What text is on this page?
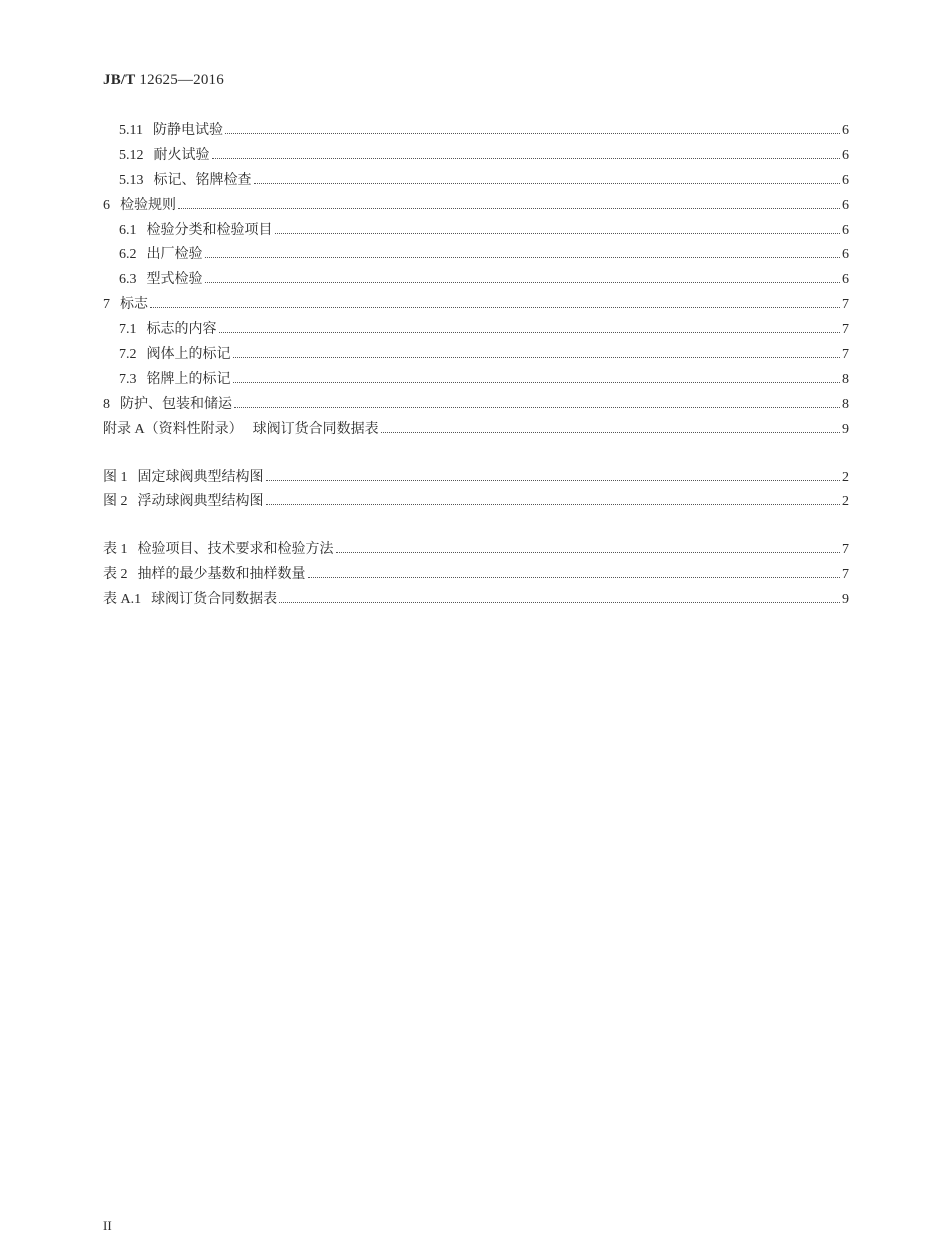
JB/T 12625—2016
5.11 防静电试验	6
5.12 耐火试验	6
5.13 标记、铭牌检查	6
6 检验规则	6
6.1 检验分类和检验项目	6
6.2 出厂检验	6
6.3 型式检验	6
7 标志	7
7.1 标志的内容	7
7.2 阀体上的标记	7
7.3 铭牌上的标记	8
8 防护、包装和储运	8
附录 A（资料性附录） 球阀订货合同数据表	9
图 1 固定球阀典型结构图	2
图 2 浮动球阀典型结构图	2
表 1 检验项目、技术要求和检验方法	7
表 2 抽样的最少基数和抽样数量	7
表 A.1 球阀订货合同数据表	9
II
